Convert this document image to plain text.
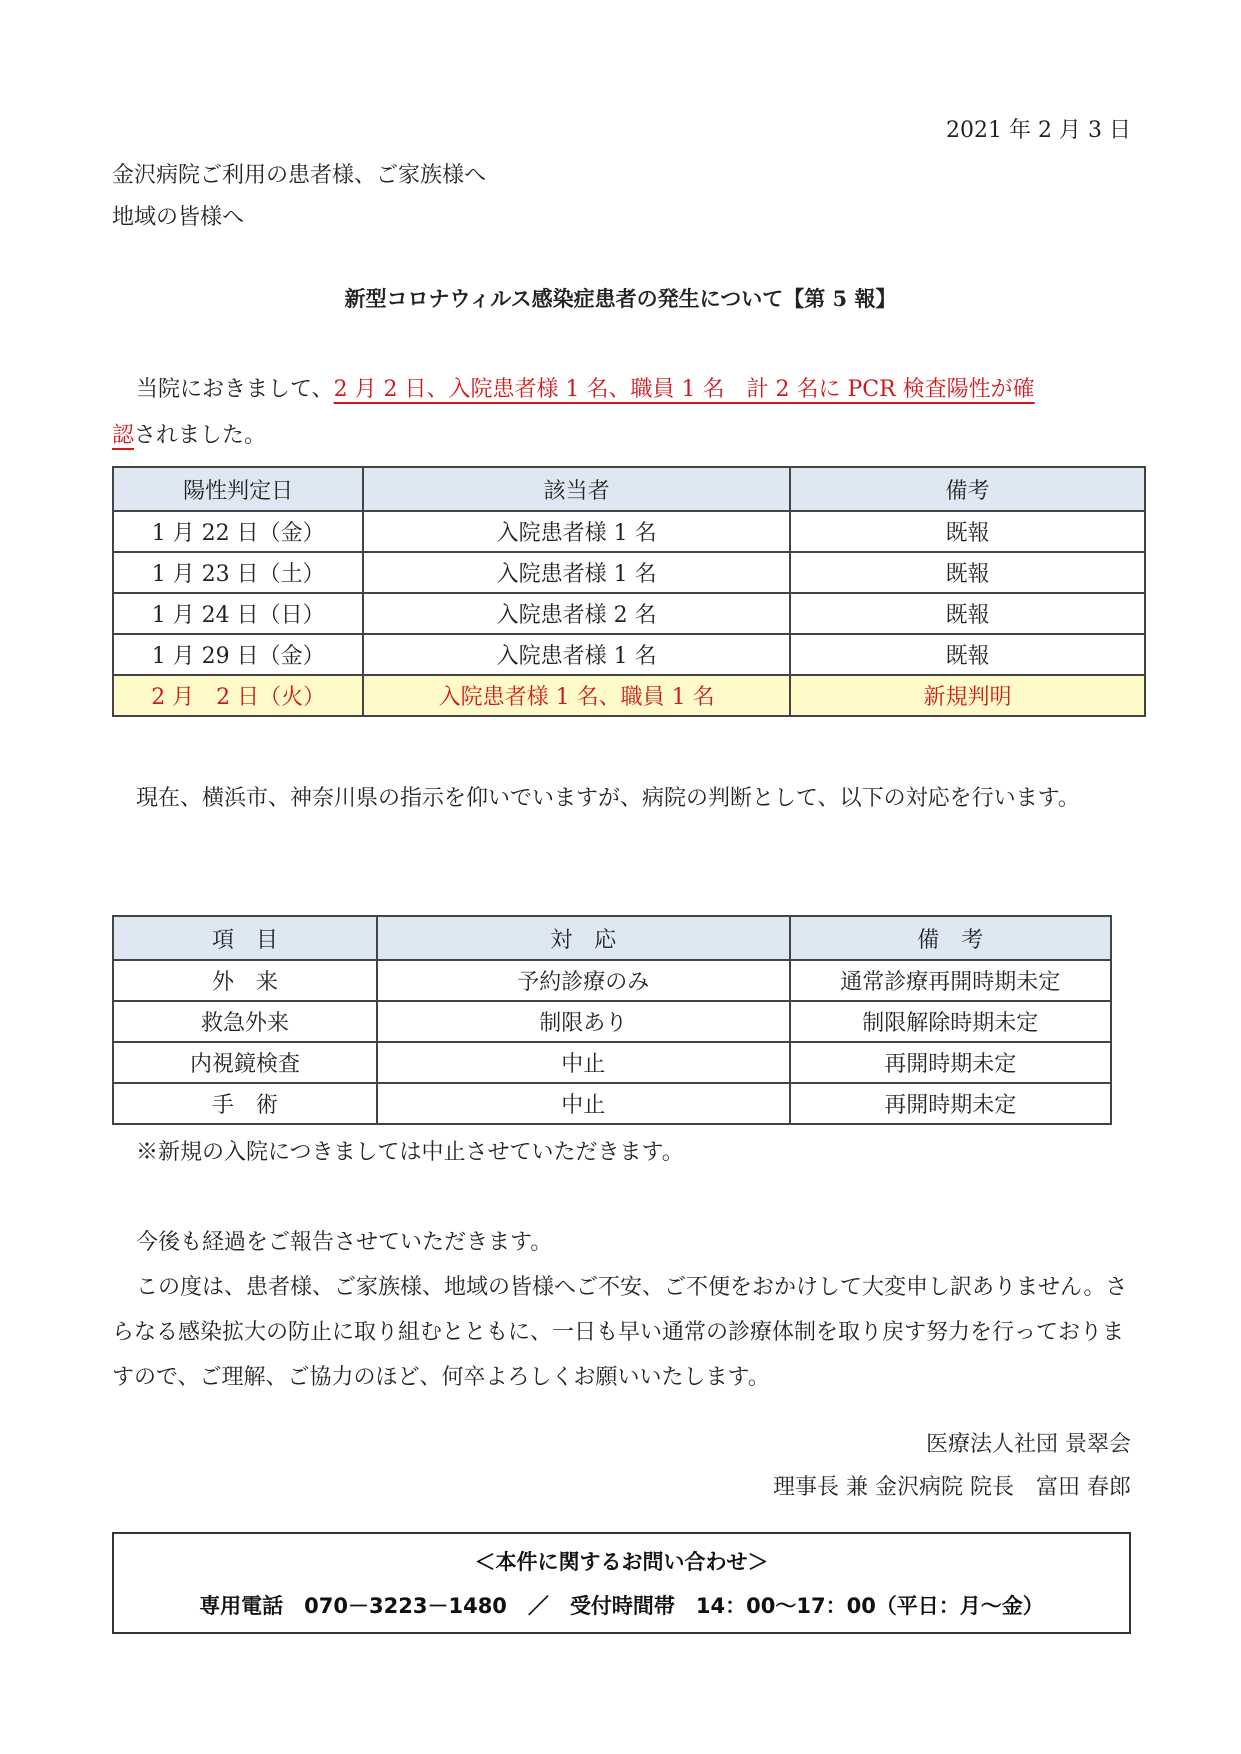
2021 年 2 月 3 日
金沢病院ご利用の患者様、ご家族様へ
地域の皆様へ
新型コロナウィルス感染症患者の発生について【第 5 報】
当院におきまして、2 月 2 日、入院患者様 1 名、職員 1 名　計 2 名に PCR 検査陽性が確
認されました。
陽性判定日	該当者	備考
1 月 22 日（金）	入院患者様 1 名	既報
1 月 23 日（土）	入院患者様 1 名	既報
1 月 24 日（日）	入院患者様 2 名	既報
1 月 29 日（金）	入院患者様 1 名	既報
2 月　2 日（火）	入院患者様 1 名、職員 1 名	新規判明
現在、横浜市、神奈川県の指示を仰いでいますが、病院の判断として、以下の対応を行います。
項　目	対　応	備　考
外　来	予約診療のみ	通常診療再開時期未定
救急外来	制限あり	制限解除時期未定
内視鏡検査	中止	再開時期未定
手　術	中止	再開時期未定
※新規の入院につきましては中止させていただきます。
今後も経過をご報告させていただきます。
この度は、患者様、ご家族様、地域の皆様へご不安、ご不便をおかけして大変申し訳ありません。さらなる感染拡大の防止に取り組むとともに、一日も早い通常の診療体制を取り戻す努力を行っておりますので、ご理解、ご協力のほど、何卒よろしくお願いいたします。
医療法人社団 景翠会
理事長 兼 金沢病院 院長　富田 春郎
＜本件に関するお問い合わせ＞
専用電話　070－3223－1480　／　受付時間帯　14：00～17：00（平日：月～金）
